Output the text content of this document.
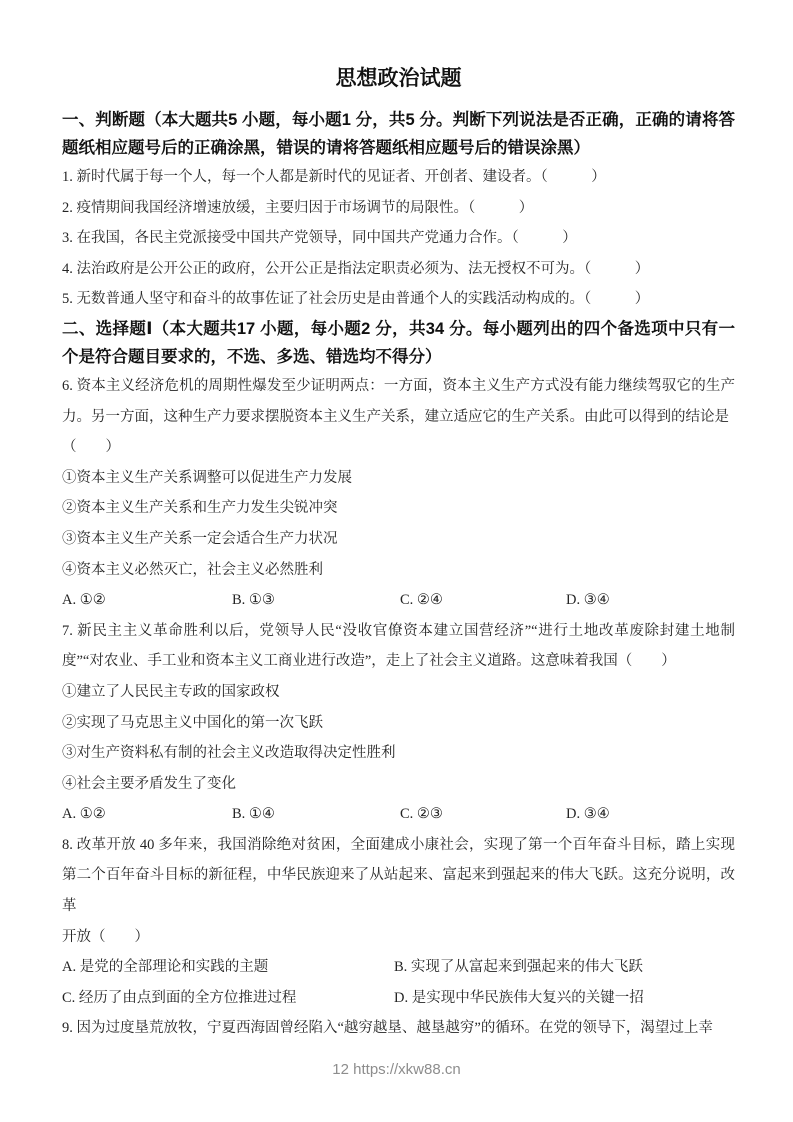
思想政治试题
一、判断题（本大题共5 小题，每小题1 分，共5 分。判断下列说法是否正确，正确的请将答题纸相应题号后的正确涂黑，错误的请将答题纸相应题号后的错误涂黑）
1. 新时代属于每一个人，每一个人都是新时代的见证者、开创者、建设者。（　　　）
2. 疫情期间我国经济增速放缓，主要归因于市场调节的局限性。（　　　）
3. 在我国，各民主党派接受中国共产党领导，同中国共产党通力合作。（　　　）
4. 法治政府是公开公正的政府，公开公正是指法定职责必须为、法无授权不可为。（　　　）
5. 无数普通人坚守和奋斗的故事佐证了社会历史是由普通个人的实践活动构成的。（　　　）
二、选择题Ⅰ（本大题共17 小题，每小题2 分，共34 分。每小题列出的四个备选项中只有一个是符合题目要求的，不选、多选、错选均不得分）
6. 资本主义经济危机的周期性爆发至少证明两点：一方面，资本主义生产方式没有能力继续驾驭它的生产力。另一方面，这种生产力要求摆脱资本主义生产关系，建立适应它的生产关系。由此可以得到的结论是
（　　）
①资本主义生产关系调整可以促进生产力发展
②资本主义生产关系和生产力发生尖锐冲突
③资本主义生产关系一定会适合生产力状况
④资本主义必然灭亡，社会主义必然胜利
A. ①②	B. ①③	C. ②④	D. ③④
7. 新民主主义革命胜利以后，党领导人民“没收官僚资本建立国营经济”“进行土地改革废除封建土地制度”“对农业、手工业和资本主义工商业进行改造”，走上了社会主义道路。这意味着我国（　　）
①建立了人民民主专政的国家政权
②实现了马克思主义中国化的第一次飞跃
③对生产资料私有制的社会主义改造取得决定性胜利
④社会主要矛盾发生了变化
A. ①②	B. ①④	C. ②③	D. ③④
8. 改革开放 40 多年来，我国消除绝对贫困，全面建成小康社会，实现了第一个百年奋斗目标，踏上实现第二个百年奋斗目标的新征程，中华民族迎来了从站起来、富起来到强起来的伟大飞跃。这充分说明，改革
开放（　　）
A. 是党的全部理论和实践的主题	B. 实现了从富起来到强起来的伟大飞跃
C. 经历了由点到面的全方位推进过程	D. 是实现中华民族伟大复兴的关键一招
9. 因为过度垦荒放牧，宁夏西海固曾经陷入“越穷越垦、越垦越穷”的循环。在党的领导下，渴望过上幸
12 https://xkw88.cn
